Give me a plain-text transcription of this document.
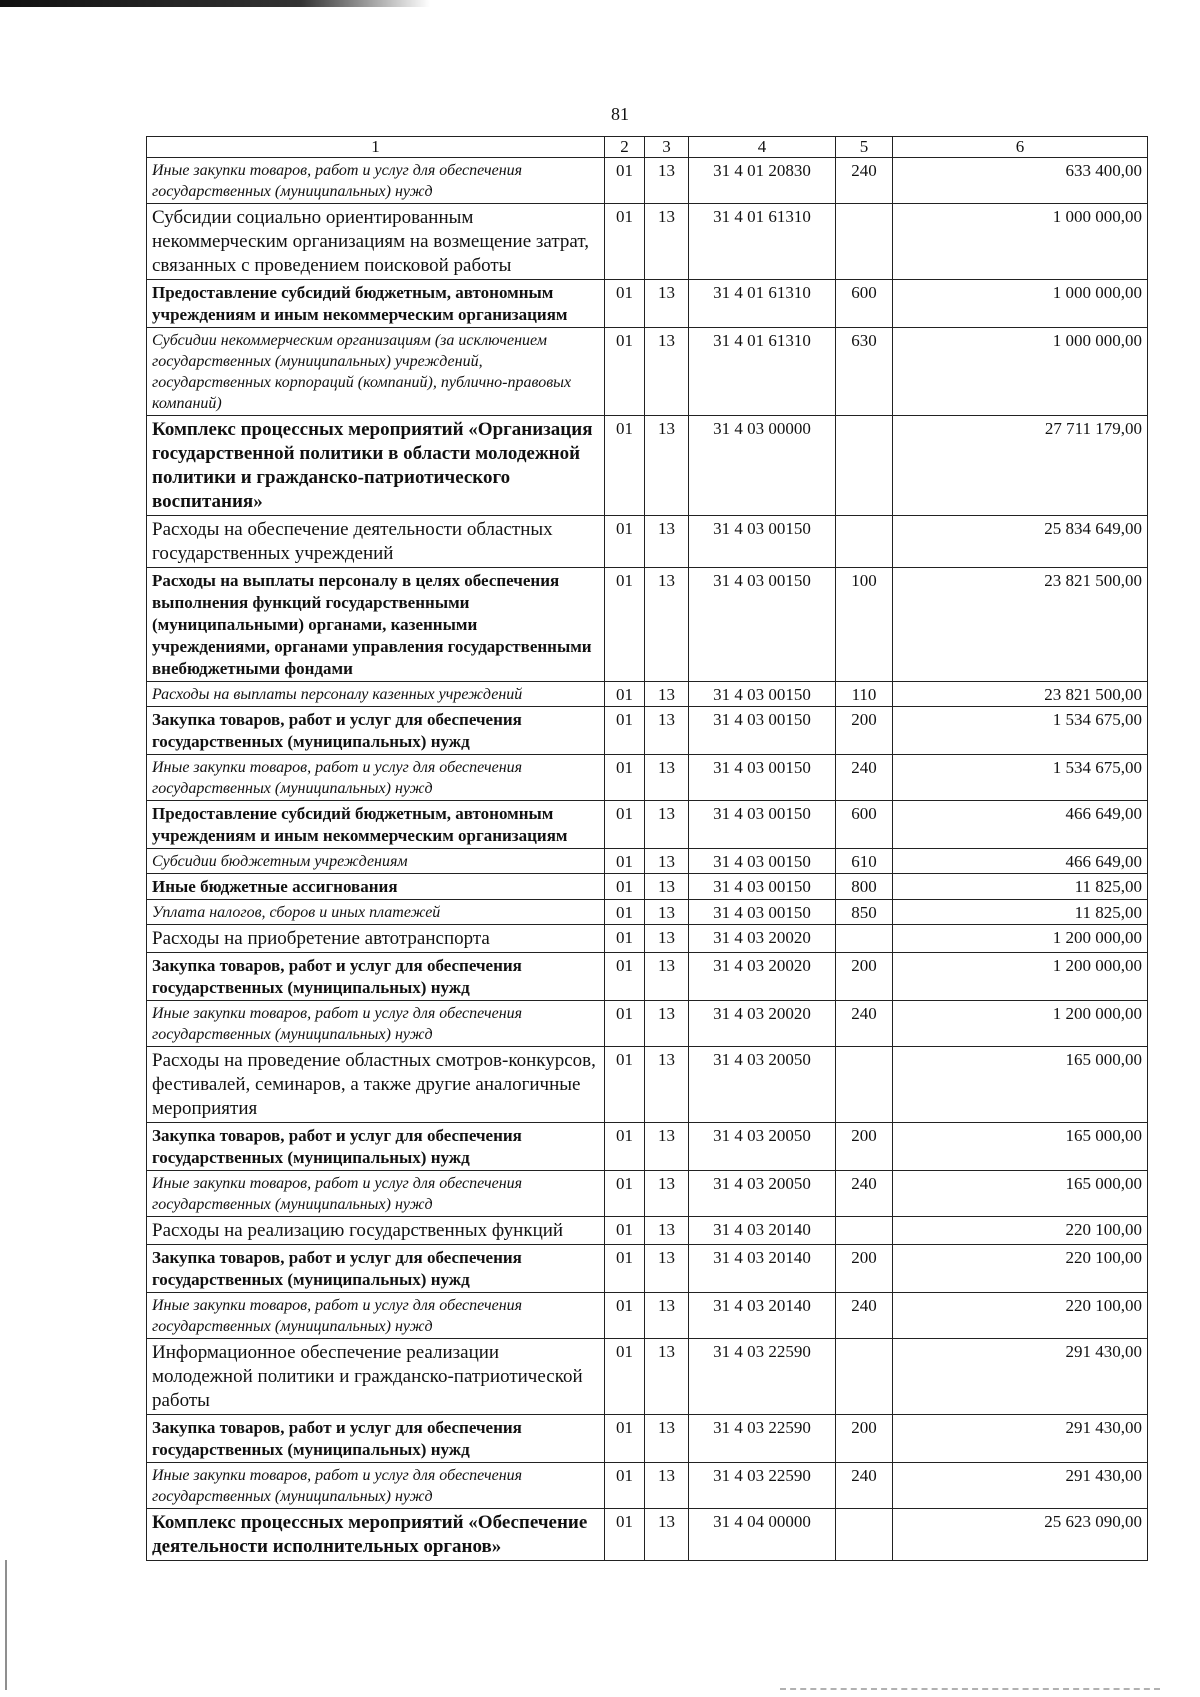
81
1	2	3	4	5	6
Иные закупки товаров, работ и услуг для обеспечения государственных (муниципальных) нужд	01	13	31 4 01 20830	240	633 400,00
Субсидии социально ориентированным некоммерческим организациям на возмещение затрат, связанных с проведением поисковой работы	01	13	31 4 01 61310		1 000 000,00
Предоставление субсидий бюджетным, автономным учреждениям и иным некоммерческим организациям	01	13	31 4 01 61310	600	1 000 000,00
Субсидии некоммерческим организациям (за исключением государственных (муниципальных) учреждений, государственных корпораций (компаний), публично-правовых компаний)	01	13	31 4 01 61310	630	1 000 000,00
Комплекс процессных мероприятий «Организация государственной политики в области молодежной политики и гражданско-патриотического воспитания»	01	13	31 4 03 00000		27 711 179,00
Расходы на обеспечение деятельности областных государственных учреждений	01	13	31 4 03 00150		25 834 649,00
Расходы на выплаты персоналу в целях обеспечения выполнения функций государственными (муниципальными) органами, казенными учреждениями, органами управления государственными внебюджетными фондами	01	13	31 4 03 00150	100	23 821 500,00
Расходы на выплаты персоналу казенных учреждений	01	13	31 4 03 00150	110	23 821 500,00
Закупка товаров, работ и услуг для обеспечения государственных (муниципальных) нужд	01	13	31 4 03 00150	200	1 534 675,00
Иные закупки товаров, работ и услуг для обеспечения государственных (муниципальных) нужд	01	13	31 4 03 00150	240	1 534 675,00
Предоставление субсидий бюджетным, автономным учреждениям и иным некоммерческим организациям	01	13	31 4 03 00150	600	466 649,00
Субсидии бюджетным учреждениям	01	13	31 4 03 00150	610	466 649,00
Иные бюджетные ассигнования	01	13	31 4 03 00150	800	11 825,00
Уплата налогов, сборов и иных платежей	01	13	31 4 03 00150	850	11 825,00
Расходы на приобретение автотранспорта	01	13	31 4 03 20020		1 200 000,00
Закупка товаров, работ и услуг для обеспечения государственных (муниципальных) нужд	01	13	31 4 03 20020	200	1 200 000,00
Иные закупки товаров, работ и услуг для обеспечения государственных (муниципальных) нужд	01	13	31 4 03 20020	240	1 200 000,00
Расходы на проведение областных смотров-конкурсов, фестивалей, семинаров, а также другие аналогичные мероприятия	01	13	31 4 03 20050		165 000,00
Закупка товаров, работ и услуг для обеспечения государственных (муниципальных) нужд	01	13	31 4 03 20050	200	165 000,00
Иные закупки товаров, работ и услуг для обеспечения государственных (муниципальных) нужд	01	13	31 4 03 20050	240	165 000,00
Расходы на реализацию государственных функций	01	13	31 4 03 20140		220 100,00
Закупка товаров, работ и услуг для обеспечения государственных (муниципальных) нужд	01	13	31 4 03 20140	200	220 100,00
Иные закупки товаров, работ и услуг для обеспечения государственных (муниципальных) нужд	01	13	31 4 03 20140	240	220 100,00
Информационное обеспечение реализации молодежной политики и гражданско-патриотической работы	01	13	31 4 03 22590		291 430,00
Закупка товаров, работ и услуг для обеспечения государственных (муниципальных) нужд	01	13	31 4 03 22590	200	291 430,00
Иные закупки товаров, работ и услуг для обеспечения государственных (муниципальных) нужд	01	13	31 4 03 22590	240	291 430,00
Комплекс процессных мероприятий «Обеспечение деятельности исполнительных органов»	01	13	31 4 04 00000		25 623 090,00
